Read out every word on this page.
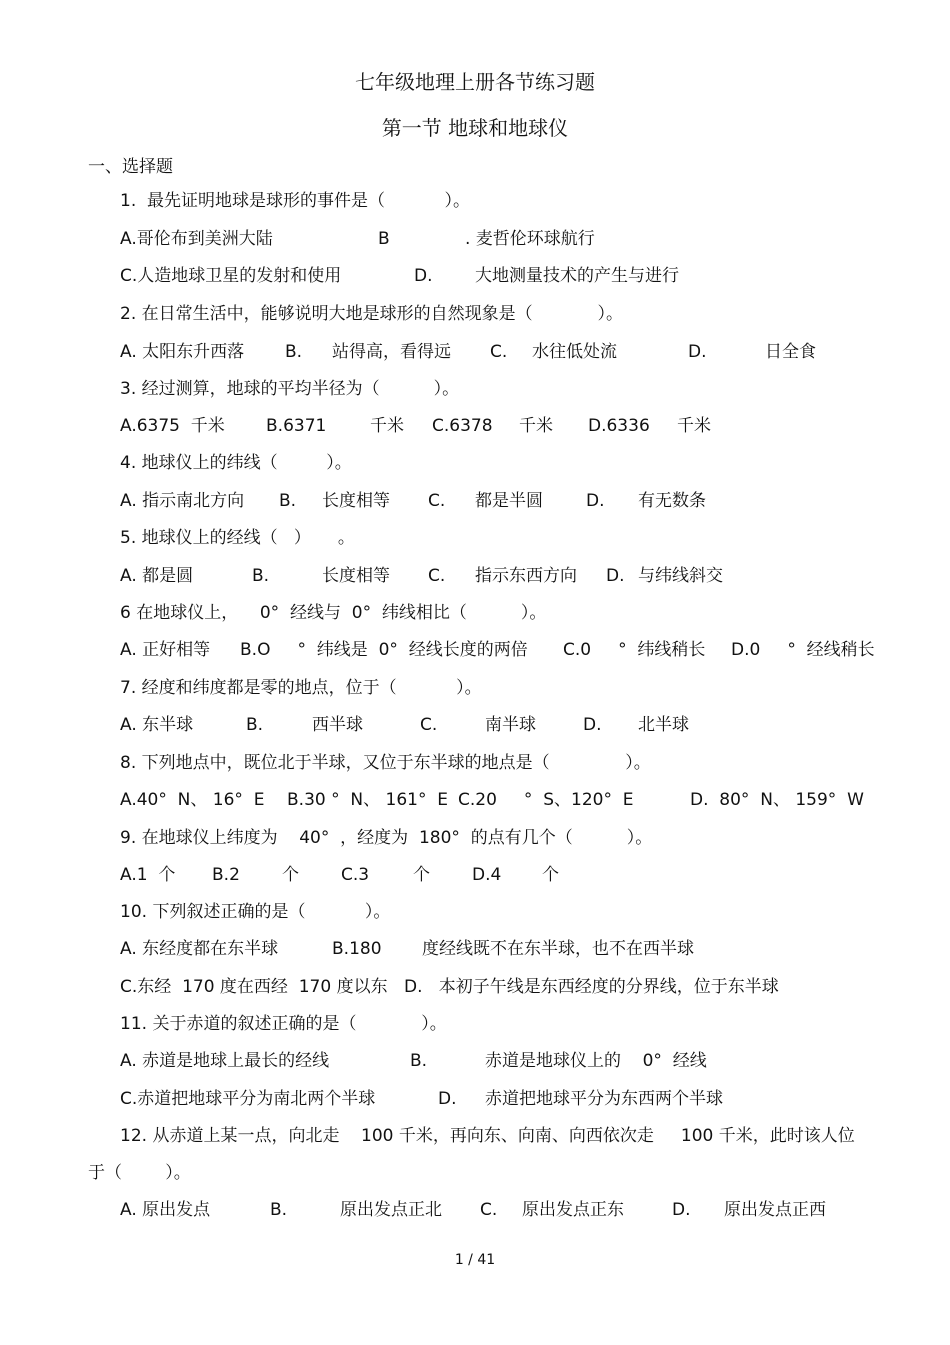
七年级地理上册各节练习题
第一节 地球和地球仪
一、选择题
1.  最先证明地球是球形的事件是（           ）。
A.哥伦布到美洲大陆	B	. 麦哲伦环球航行
C.人造地球卫星的发射和使用	D.	大地测量技术的产生与进行
2. 在日常生活中，能够说明大地是球形的自然现象是（            ）。
A. 太阳东升西落 B. 站得高，看得远 C. 水往低处流	D.	日全食
3. 经过测算，地球的平均半径为（          ）。
A.6375  千米 B.6371	千米 C.6378 千米 D.6336 千米
4. 地球仪上的纬线（         ）。
A. 指示南北方向 B. 长度相等 C. 都是半圆	D. 有无数条
5. 地球仪上的经线（   ）     。
A. 都是圆	B.	长度相等 C. 指示东西方向 D. 与纬线斜交
6 在地球仪上，    0°  经线与  0°  纬线相比（          ）。
A. 正好相等 B.O     °  纬线是  0°  经线长度的两倍 C.0     °  纬线稍长 D.0     °  经线稍长
7. 经度和纬度都是零的地点，位于（           ）。
A. 东半球	B.	西半球	C.	南半球	D. 北半球
8. 下列地点中，既位北于半球，又位于东半球的地点是（              ）。
A.40°  N、 16°  E B.30 °  N、 161°  E C.20     °  S、120°  E	D.  80°  N、 159°  W
9. 在地球仪上纬度为    40°  ，经度为  180°  的点有几个（          ）。
A.1  个 B.2 个 C.3	个 D.4 个
10. 下列叙述正确的是（           ）。
A. 东经度都在东半球	B.180 度经线既不在东半球，也不在西半球
C.东经  170 度在西经  170 度以东 D.   本初子午线是东西经度的分界线，位于东半球
11. 关于赤道的叙述正确的是（            ）。
A. 赤道是地球上最长的经线	B.	赤道是地球仪上的    0°  经线
C.赤道把地球平分为南北两个半球	D. 赤道把地球平分为东西两个半球
12. 从赤道上某一点，向北走    100 千米，再向东、向南、向西依次走     100 千米，此时该人位
于（        ）。
A. 原出发点	B.	原出发点正北 C. 原出发点正东	D. 原出发点正西
1 / 41
